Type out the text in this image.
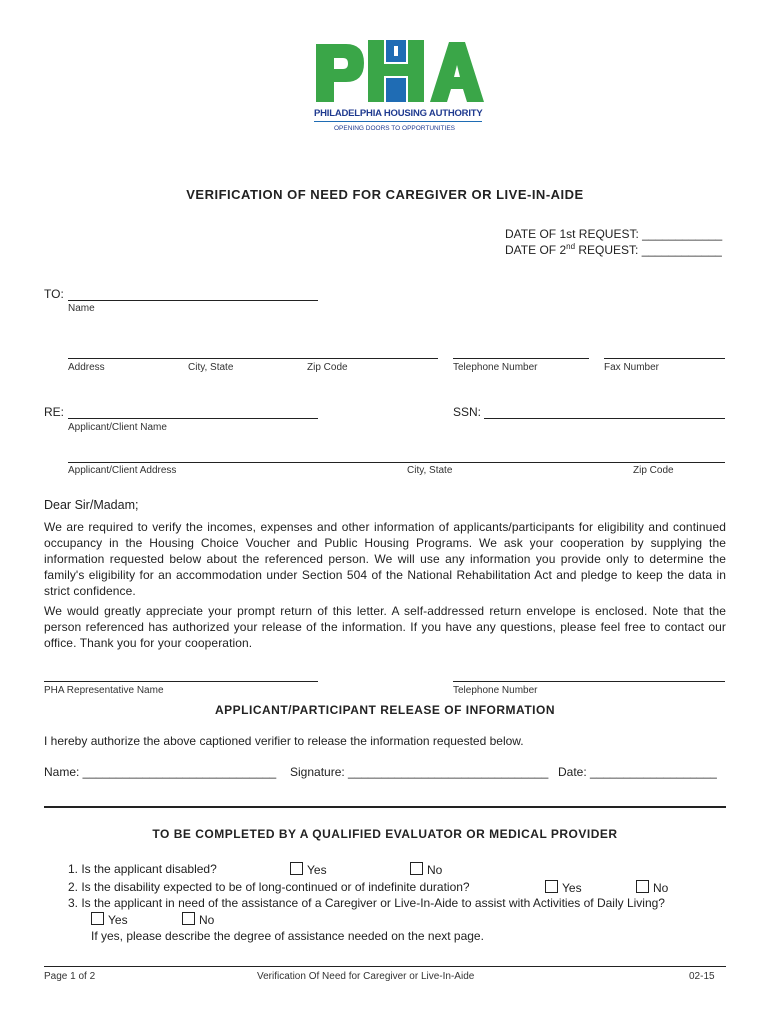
PHILADELPHIA HOUSING AUTHORITY
OPENING DOORS TO OPPORTUNITIES
VERIFICATION OF NEED FOR CAREGIVER OR LIVE-IN-AIDE
DATE OF 1st REQUEST: ____________
DATE OF 2nd REQUEST: ____________
TO:
Name
Address	City, State	Zip Code	Telephone Number	Fax Number
RE:
Applicant/Client Name
SSN:
Applicant/Client Address	City, State	Zip Code
Dear Sir/Madam;
We are required to verify the incomes, expenses and other information of applicants/participants for eligibility and continued occupancy in the Housing Choice Voucher and Public Housing Programs. We ask your cooperation by supplying the information requested below about the referenced person. We will use any information you provide only to determine the family's eligibility for an accommodation under Section 504 of the National Rehabilitation Act and pledge to keep the data in strict confidence.
We would greatly appreciate your prompt return of this letter. A self-addressed return envelope is enclosed. Note that the person referenced has authorized your release of the information. If you have any questions, please feel free to contact our office. Thank you for your cooperation.
PHA Representative Name	Telephone Number
APPLICANT/PARTICIPANT RELEASE OF INFORMATION
I hereby authorize the above captioned verifier to release the information requested below.
Name: _____________________________ Signature: ______________________________ Date: ___________________
TO BE COMPLETED BY A QUALIFIED EVALUATOR OR MEDICAL PROVIDER
1. Is the applicant disabled?	Yes	No
2. Is the disability expected to be of long-continued or of indefinite duration?	Yes	No
3. Is the applicant in need of the assistance of a Caregiver or Live-In-Aide to assist with Activities of Daily Living?
Yes	No
If yes, please describe the degree of assistance needed on the next page.
Page 1 of 2	Verification Of Need for Caregiver or Live-In-Aide	02-15
